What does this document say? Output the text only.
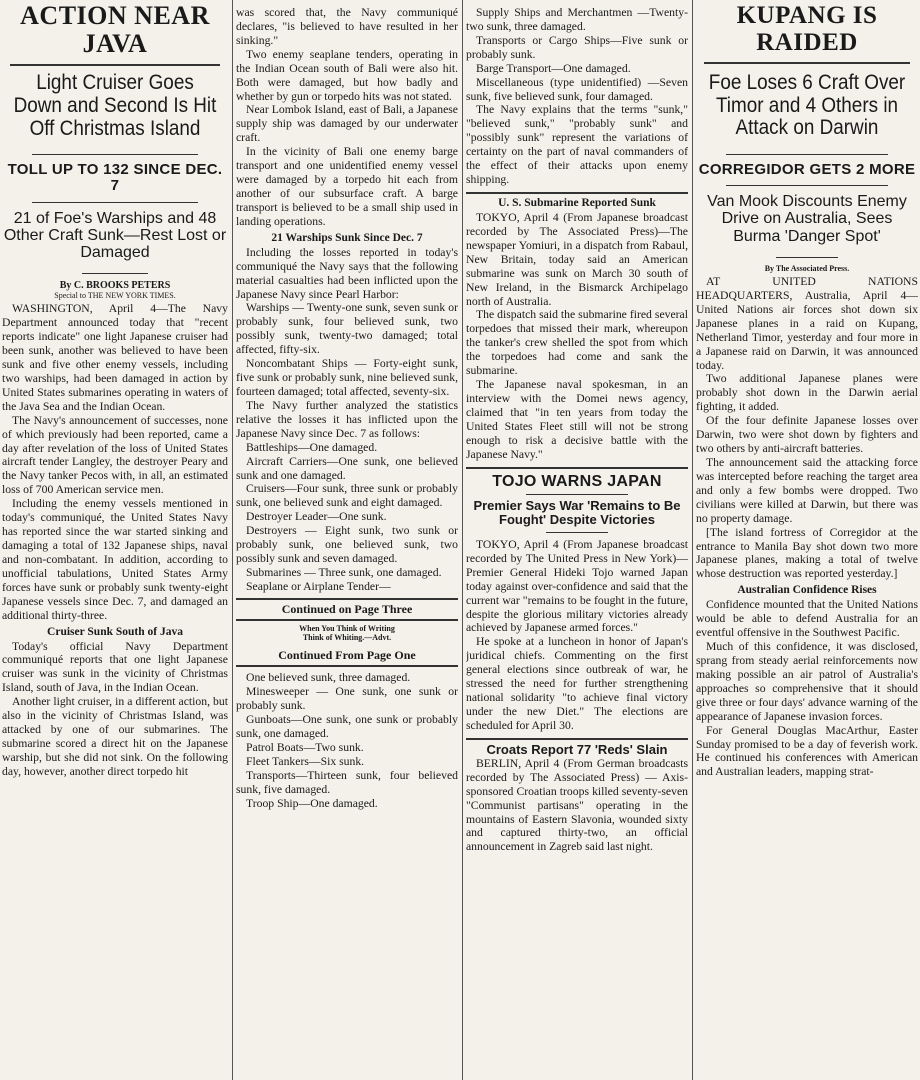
ACTION NEAR JAVA
Light Cruiser Goes Down and Second Is Hit Off Christmas Island
TOLL UP TO 132 SINCE DEC. 7
21 of Foe's Warships and 48 Other Craft Sunk—Rest Lost or Damaged
By C. BROOKS PETERS
Special to THE NEW YORK TIMES.

WASHINGTON, April 4—The Navy Department announced today that "recent reports indicate" one light Japanese cruiser had been sunk, another was believed to have been sunk and five other enemy vessels, including two warships, had been damaged in action by United States submarines operating in waters of the Java Sea and the Indian Ocean.

The Navy's announcement of successes, none of which previously had been reported, came a day after revelation of the loss of United States aircraft tender Langley, the destroyer Peary and the Navy tanker Pecos with, in all, an estimated loss of 700 American service men.

Including the enemy vessels mentioned in today's communiqué, the United States Navy has reported since the war started sinking and damaging a total of 132 Japanese ships, naval and non-combatant. In addition, according to unofficial tabulations, United States Army forces have sunk or probably sunk twenty-eight Japanese vessels since Dec. 7, and damaged an additional thirty-three.

Cruiser Sunk South of Java

Today's official Navy Department communiqué reports that one light Japanese cruiser was sunk in the vicinity of Christmas Island, south of Java, in the Indian Ocean.

Another light cruiser, in a different action, but also in the vicinity of Christmas Island, was attacked by one of our submarines. The submarine scored a direct hit on the Japanese warship, but she did not sink. On the following day, however, another direct torpedo hit

was scored that, the Navy communiqué declares, "is believed to have resulted in her sinking."

Two enemy seaplane tenders, operating in the Indian Ocean south of Bali were also hit. Both were damaged, but how badly and whether by gun or torpedo hits was not stated.

Near Lombok Island, east of Bali, a Japanese supply ship was damaged by our underwater craft.

In the vicinity of Bali one enemy barge transport and one unidentified enemy vessel were damaged by a torpedo hit each from another of our subsurface craft. A barge transport is believed to be a small ship used in landing operations.

21 Warships Sunk Since Dec. 7

Including the losses reported in today's communiqué the Navy says that the following material casualties had been inflicted upon the Japanese Navy since Pearl Harbor:

Warships — Twenty-one sunk, seven sunk or probably sunk, four believed sunk, two possibly sunk, twenty-two damaged; total affected, fifty-six.

Noncombatant Ships — Forty-eight sunk, five sunk or probably sunk, nine believed sunk, fourteen damaged; total affected, seventy-six.

The Navy further analyzed the statistics relative the losses it has inflicted upon the Japanese Navy since Dec. 7 as follows:

Battleships—One damaged.

Aircraft Carriers—One sunk, one believed sunk and one damaged.

Cruisers—Four sunk, three sunk or probably sunk, one believed sunk and eight damaged.

Destroyer Leader—One sunk.

Destroyers — Eight sunk, two sunk or probably sunk, one believed sunk, two possibly sunk and seven damaged.

Submarines — Three sunk, one damaged.

Seaplane or Airplane Tender—

Continued on Page Three
When You Think of Writing
Think of Whiting.—Advt.
Continued From Page One

One believed sunk, three damaged.

Minesweeper — One sunk, one sunk or probably sunk.

Gunboats—One sunk, one sunk or probably sunk, one damaged.

Patrol Boats—Two sunk.

Fleet Tankers—Six sunk.

Transports—Thirteen sunk, four believed sunk, five damaged.

Troop Ship—One damaged.

Supply Ships and Merchantmen —Twenty-two sunk, three damaged.

Transports or Cargo Ships—Five sunk or probably sunk.

Barge Transport—One damaged.

Miscellaneous (type unidentified) —Seven sunk, five believed sunk, four damaged.

The Navy explains that the terms "sunk," "believed sunk," "probably sunk" and "possibly sunk" represent the variations of certainty on the part of naval commanders of the effect of their attacks upon enemy shipping.

U. S. Submarine Reported Sunk

TOKYO, April 4 (From Japanese broadcast recorded by The Associated Press)—The newspaper Yomiuri, in a dispatch from Rabaul, New Britain, today said an American submarine was sunk on March 30 south of New Ireland, in the Bismarck Archipelago north of Australia.

The dispatch said the submarine fired several torpedoes that missed their mark, whereupon the tanker's crew shelled the spot from which the torpedoes had come and sank the submarine.

The Japanese naval spokesman, in an interview with the Domei news agency, claimed that "in ten years from today the United States Fleet still will not be strong enough to risk a decisive battle with the Japanese Navy."

TOJO WARNS JAPAN
Premier Says War 'Remains to Be Fought' Despite Victories

TOKYO, April 4 (From Japanese broadcast recorded by The United Press in New York)—Premier General Hideki Tojo warned Japan today against over-confidence and said that the current war "remains to be fought in the future, despite the glorious military victories already achieved by Japanese armed forces."

He spoke at a luncheon in honor of Japan's juridical chiefs. Commenting on the first general elections since outbreak of war, he stressed the need for further strengthening national solidarity "to achieve final victory under the new Diet." The elections are scheduled for April 30.

Croats Report 77 'Reds' Slain

BERLIN, April 4 (From German broadcasts recorded by The Associated Press) — Axis-sponsored Croatian troops killed seventy-seven "Communist partisans" operating in the mountains of Eastern Slavonia, wounded sixty and captured thirty-two, an official announcement in Zagreb said last night.

KUPANG IS RAIDED
Foe Loses 6 Craft Over Timor and 4 Others in Attack on Darwin
CORREGIDOR GETS 2 MORE
Van Mook Discounts Enemy Drive on Australia, Sees Burma 'Danger Spot'
By The Associated Press.

AT UNITED NATIONS HEADQUARTERS, Australia, April 4—United Nations air forces shot down six Japanese planes in a raid on Kupang, Netherland Timor, yesterday and four more in a Japanese raid on Darwin, it was announced today.

Two additional Japanese planes were probably shot down in the Darwin aerial fighting, it added.

Of the four definite Japanese losses over Darwin, two were shot down by fighters and two others by anti-aircraft batteries.

The announcement said the attacking force was intercepted before reaching the target area and only a few bombs were dropped. Two civilians were killed at Darwin, but there was no property damage.

[The island fortress of Corregidor at the entrance to Manila Bay shot down two more Japanese planes, making a total of twelve whose destruction was reported yesterday.]

Australian Confidence Rises

Confidence mounted that the United Nations would be able to defend Australia for an eventful offensive in the Southwest Pacific.

Much of this confidence, it was disclosed, sprang from steady aerial reinforcements now making possible an air patrol of Australia's approaches so comprehensive that it should give three or four days' advance warning of the appearance of Japanese invasion forces.

For General Douglas MacArthur, Easter Sunday promised to be a day of feverish work. He continued his conferences with American and Australian leaders, mapping strat-
